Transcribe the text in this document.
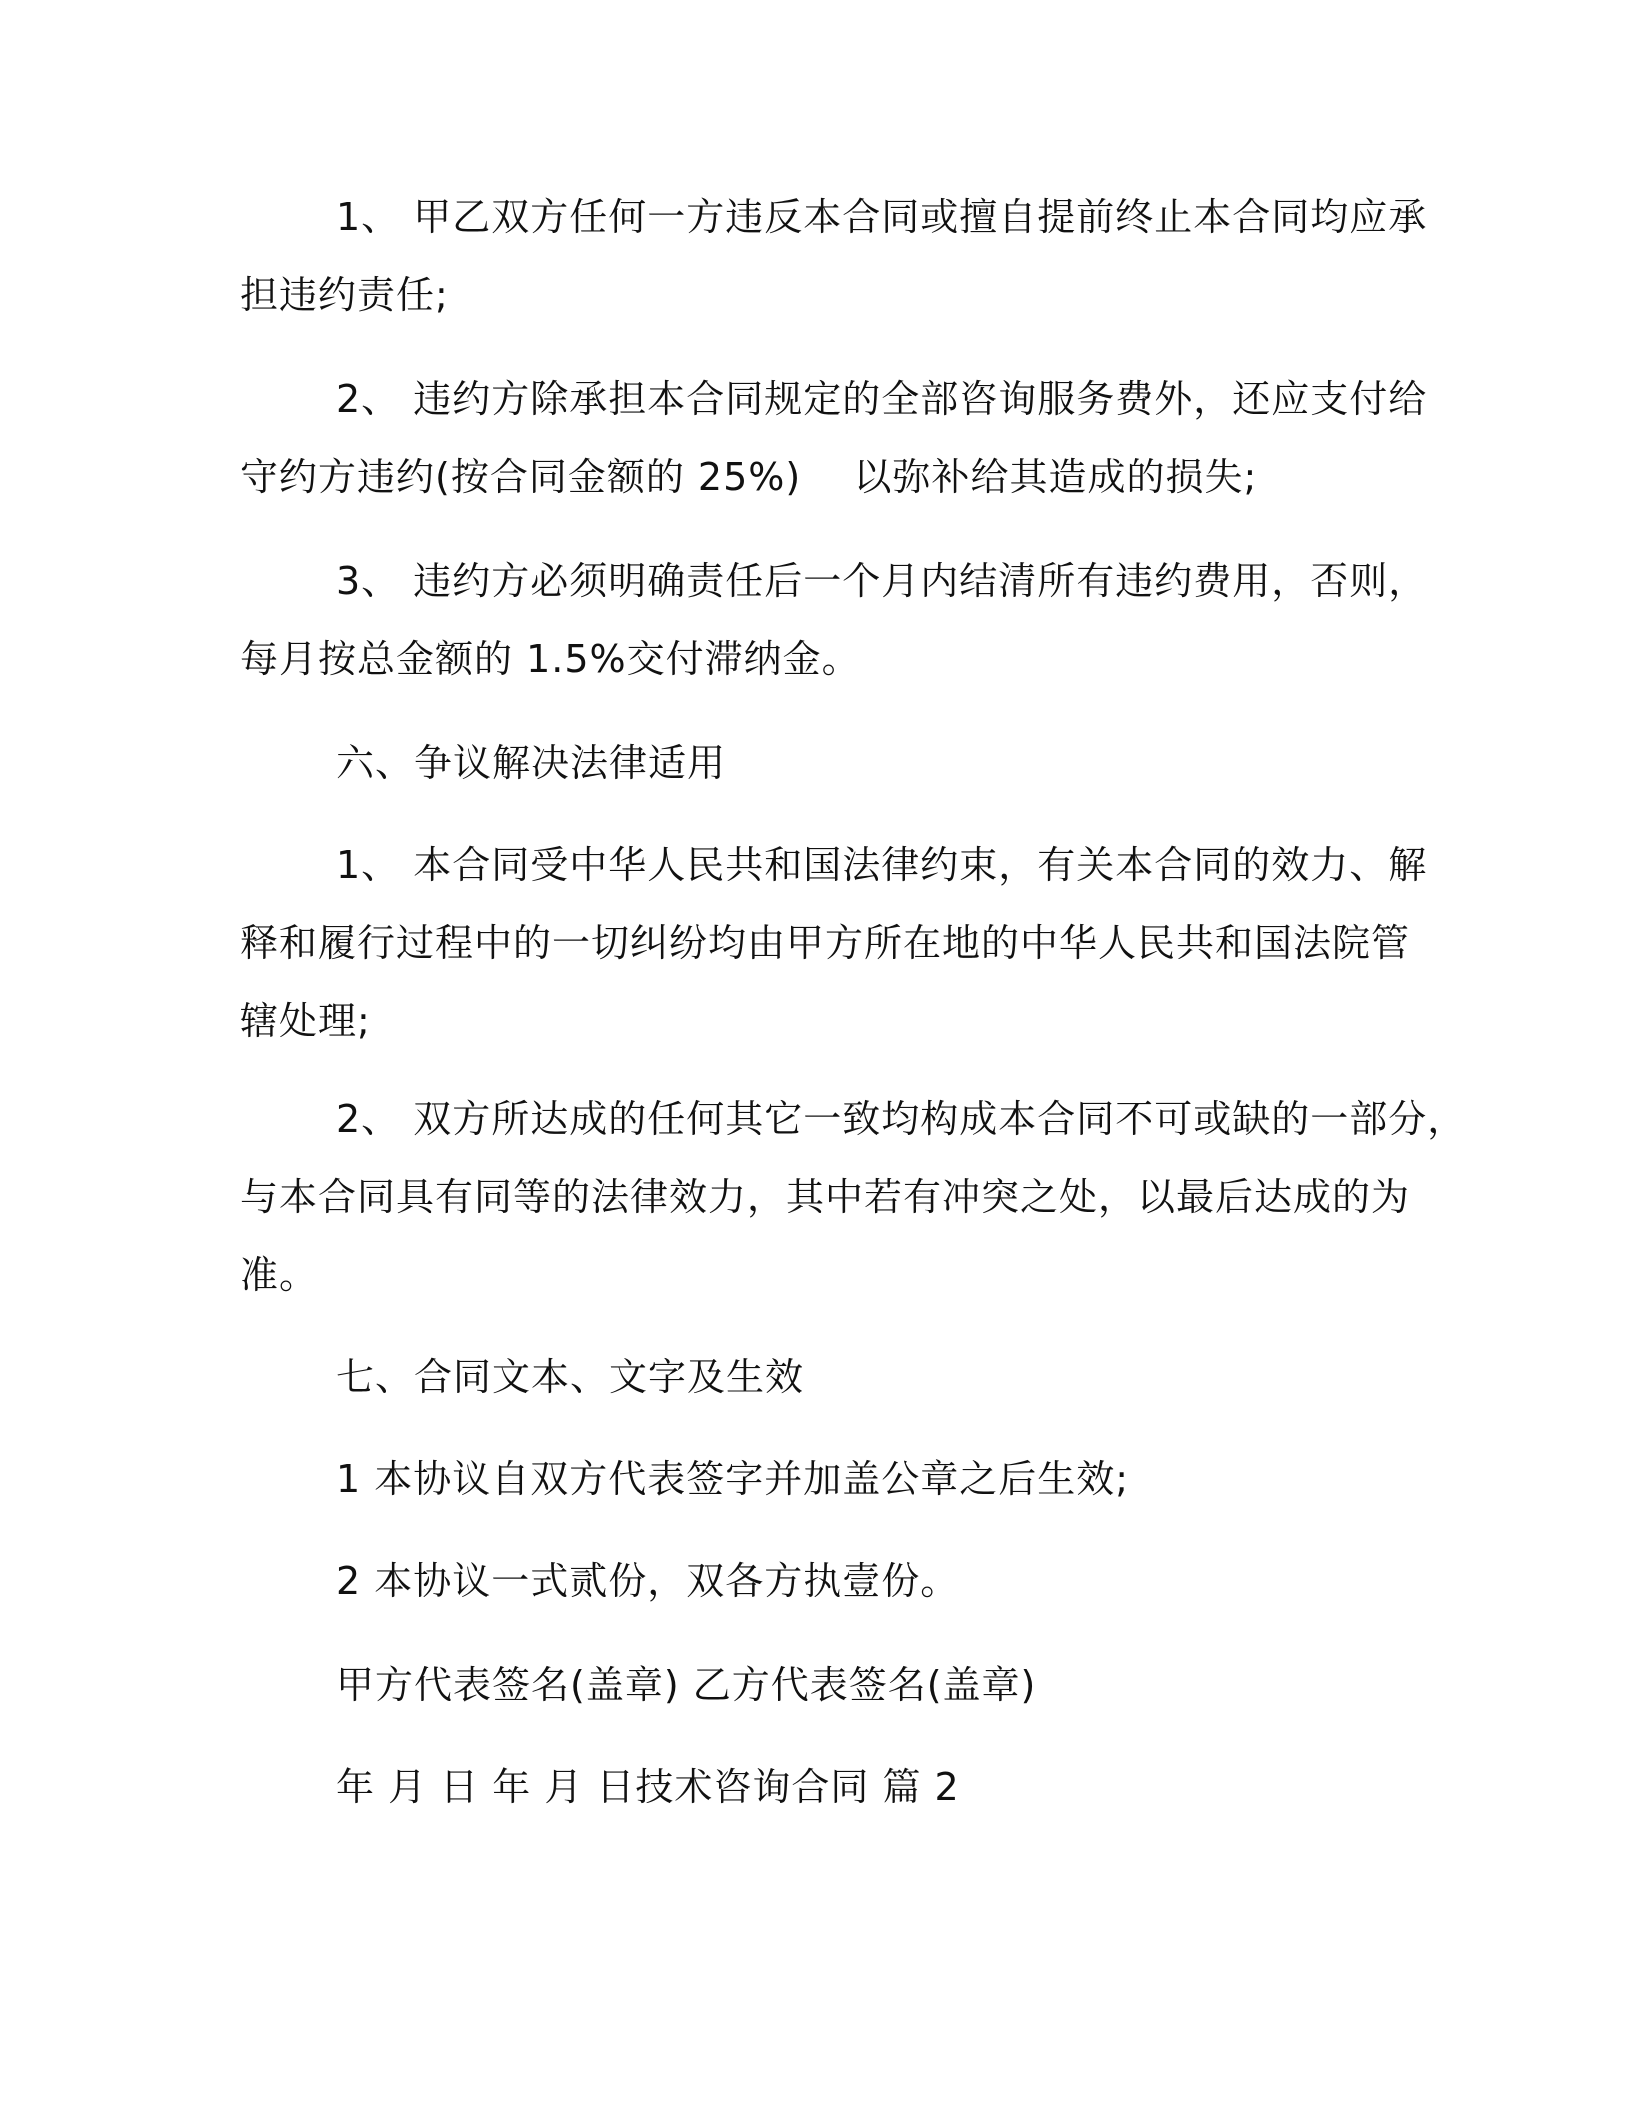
1、 甲乙双方任何一方违反本合同或擅自提前终止本合同均应承
担违约责任;
2、 违约方除承担本合同规定的全部咨询服务费外，还应支付给
守约方违约(按合同金额的 25%)    以弥补给其造成的损失;
3、 违约方必须明确责任后一个月内结清所有违约费用，否则，
每月按总金额的 1.5%交付滞纳金。
六、争议解决法律适用
1、 本合同受中华人民共和国法律约束，有关本合同的效力、解
释和履行过程中的一切纠纷均由甲方所在地的中华人民共和国法院管
辖处理;
2、 双方所达成的任何其它一致均构成本合同不可或缺的一部分，
与本合同具有同等的法律效力，其中若有冲突之处，以最后达成的为
准。
七、合同文本、文字及生效
1 本协议自双方代表签字并加盖公章之后生效;
2 本协议一式贰份，双各方执壹份。
甲方代表签名(盖章) 乙方代表签名(盖章)
年 月 日 年 月 日技术咨询合同 篇 2
